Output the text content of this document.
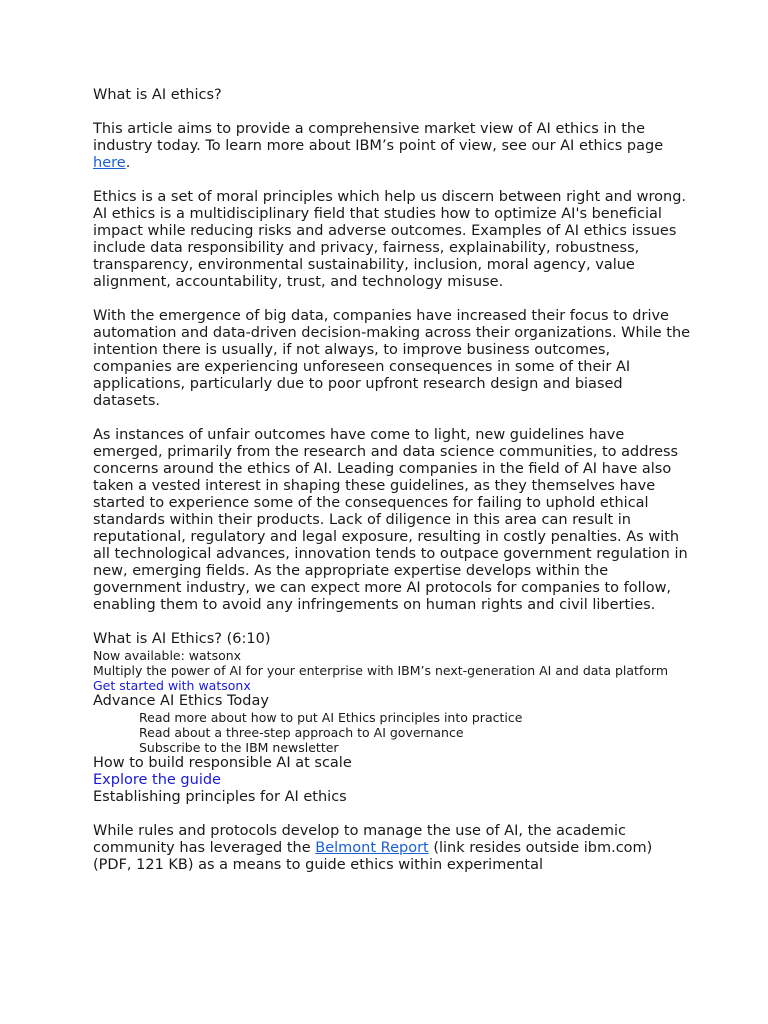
What is AI ethics?

This article aims to provide a comprehensive market view of AI ethics in the industry today. To learn more about IBM’s point of view, see our AI ethics page here.

Ethics is a set of moral principles which help us discern between right and wrong. AI ethics is a multidisciplinary field that studies how to optimize AI's beneficial impact while reducing risks and adverse outcomes. Examples of AI ethics issues include data responsibility and privacy, fairness, explainability, robustness, transparency, environmental sustainability, inclusion, moral agency, value alignment, accountability, trust, and technology misuse.

With the emergence of big data, companies have increased their focus to drive automation and data-driven decision-making across their organizations. While the intention there is usually, if not always, to improve business outcomes, companies are experiencing unforeseen consequences in some of their AI applications, particularly due to poor upfront research design and biased datasets.

As instances of unfair outcomes have come to light, new guidelines have emerged, primarily from the research and data science communities, to address concerns around the ethics of AI. Leading companies in the field of AI have also taken a vested interest in shaping these guidelines, as they themselves have started to experience some of the consequences for failing to uphold ethical standards within their products. Lack of diligence in this area can result in reputational, regulatory and legal exposure, resulting in costly penalties. As with all technological advances, innovation tends to outpace government regulation in new, emerging fields. As the appropriate expertise develops within the government industry, we can expect more AI protocols for companies to follow, enabling them to avoid any infringements on human rights and civil liberties.

What is AI Ethics? (6:10)

Now available: watsonx
Multiply the power of AI for your enterprise with IBM’s next-generation AI and data platform
Get started with watsonx
Advance AI Ethics Today
Read more about how to put AI Ethics principles into practice
Read about a three-step approach to AI governance
Subscribe to the IBM newsletter
How to build responsible AI at scale
Explore the guide
Establishing principles for AI ethics

While rules and protocols develop to manage the use of AI, the academic community has leveraged the Belmont Report (link resides outside ibm.com) (PDF, 121 KB) as a means to guide ethics within experimental
